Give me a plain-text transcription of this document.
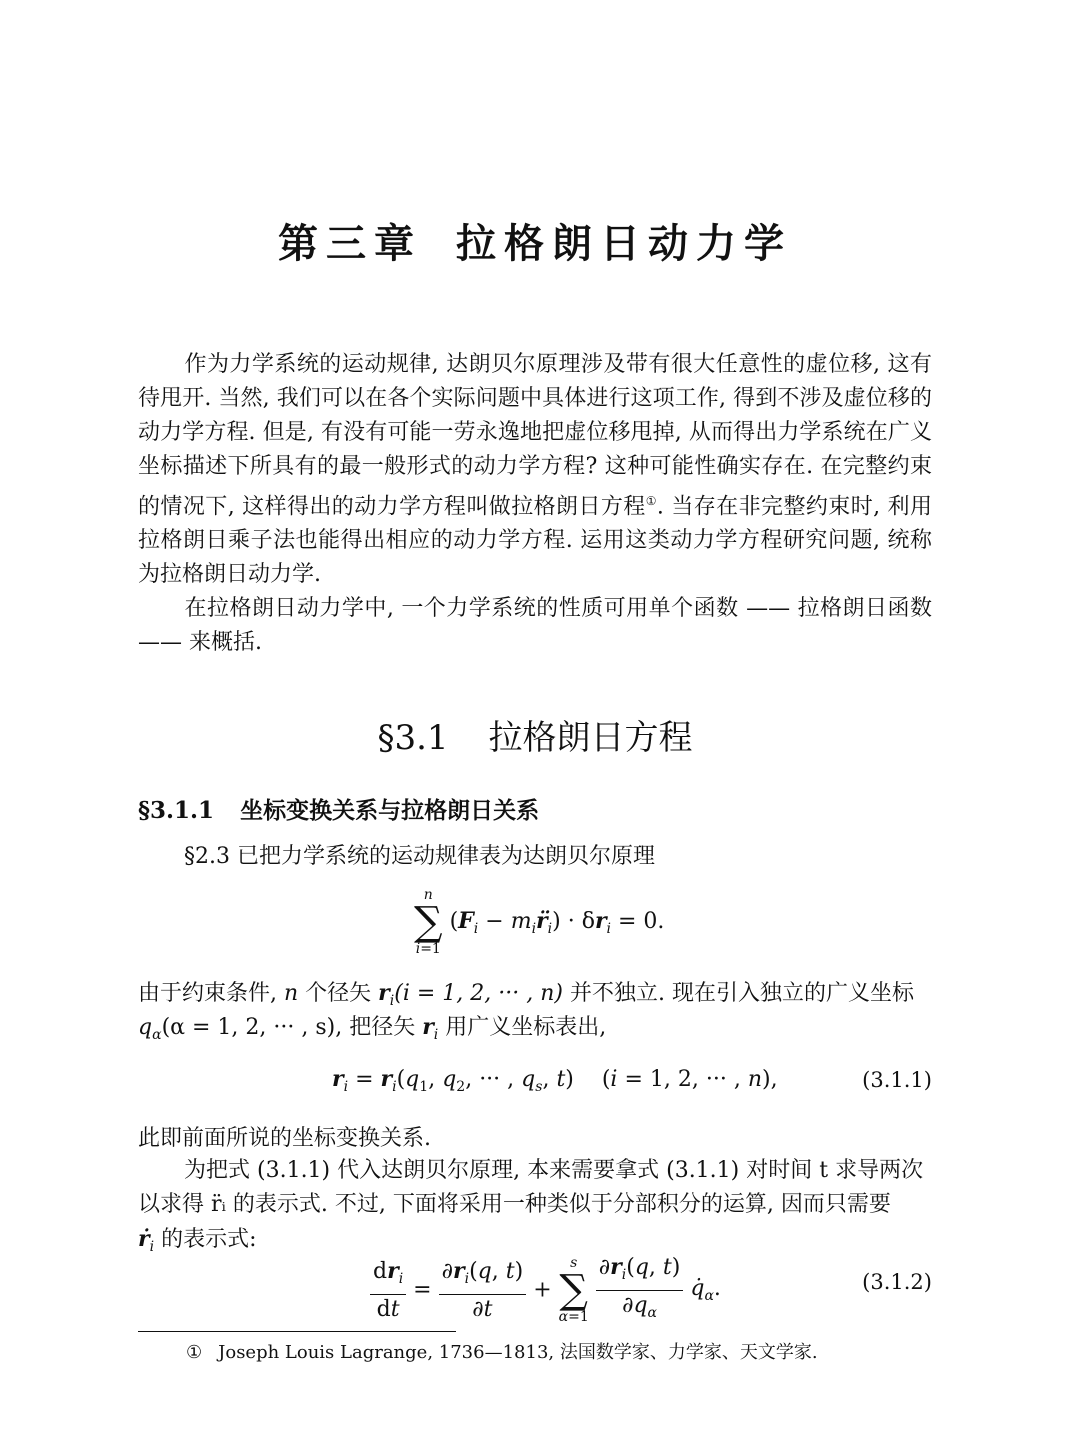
第三章 拉格朗日动力学
作为力学系统的运动规律, 达朗贝尔原理涉及带有很大任意性的虚位移, 这有待甩开. 当然, 我们可以在各个实际问题中具体进行这项工作, 得到不涉及虚位移的动力学方程. 但是, 有没有可能一劳永逸地把虚位移甩掉, 从而得出力学系统在广义坐标描述下所具有的最一般形式的动力学方程? 这种可能性确实存在. 在完整约束的情况下, 这样得出的动力学方程叫做拉格朗日方程①. 当存在非完整约束时, 利用拉格朗日乘子法也能得出相应的动力学方程. 运用这类动力学方程研究问题, 统称为拉格朗日动力学.
在拉格朗日动力学中, 一个力学系统的性质可用单个函数 —— 拉格朗日函数 —— 来概括.
§3.1 拉格朗日方程
§3.1.1 坐标变换关系与拉格朗日关系
§2.3 已把力学系统的运动规律表为达朗贝尔原理
n
∑
i=1
($F_i$ − $m_ir̈_i) \cdot \delta r_i = 0$.
由于约束条件, n 个径矢 $r_i(i = 1$, 2, ··· , n) 并不独立. 现在引入独立的广义坐标
$q_\alpha(\alpha = 1$, 2, ··· , s), 把径矢 $r_i$ 用广义坐标表出,
$r_i = r_i(q_1$, $q_2$, ··· , $q_s$, t)    (i = 1, 2, ··· , n),	(3.1.1)
此即前面所说的坐标变换关系.
为把式 (3.1.1) 代入达朗贝尔原理, 本来需要拿式 (3.1.1) 对时间 t 求导两次
以求得 r̈ᵢ 的表示式. 不过, 下面将采用一种类似于分部积分的运算, 因而只需要
ṙ$_i$ 的表示式:
$\frac{dr_i}{dt} = \frac{\partial r_i(q, t)}{\partial t}$ +
s
∑
α=1
$\frac{\partial r_i(q, t)}{\partial q_\alpha}$ $q̇_\alpha$.	(3.1.2)
① Joseph Louis Lagrange, 1736—1813, 法国数学家、力学家、天文学家.
